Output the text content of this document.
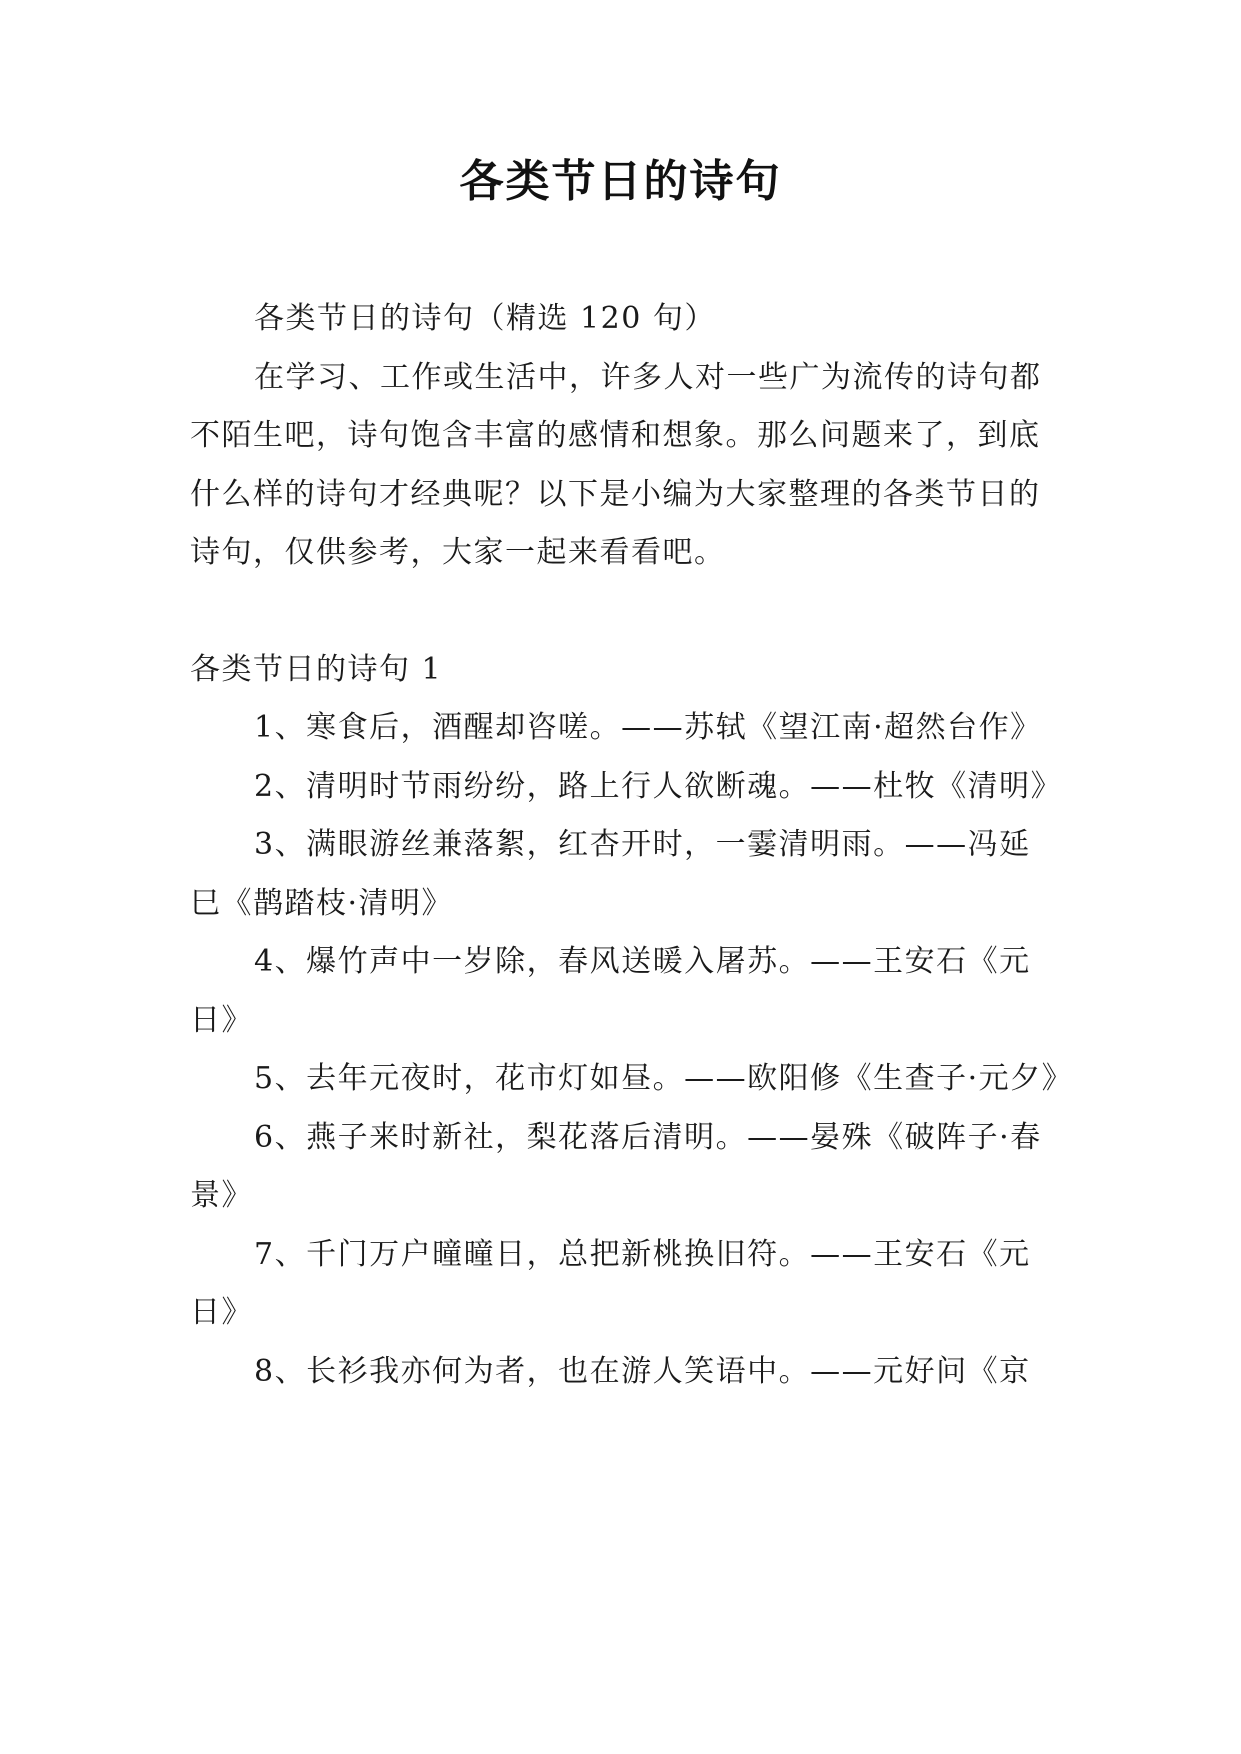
各类节日的诗句

各类节日的诗句（精选 120 句）

在学习、工作或生活中，许多人对一些广为流传的诗句都不陌生吧，诗句饱含丰富的感情和想象。那么问题来了，到底什么样的诗句才经典呢？以下是小编为大家整理的各类节日的诗句，仅供参考，大家一起来看看吧。

各类节日的诗句 1

1、寒食后，酒醒却咨嗟。——苏轼《望江南·超然台作》

2、清明时节雨纷纷，路上行人欲断魂。——杜牧《清明》

3、满眼游丝兼落絮，红杏开时，一霎清明雨。——冯延巳《鹊踏枝·清明》

4、爆竹声中一岁除，春风送暖入屠苏。——王安石《元日》

5、去年元夜时，花市灯如昼。——欧阳修《生查子·元夕》

6、燕子来时新社，梨花落后清明。——晏殊《破阵子·春景》

7、千门万户曈曈日，总把新桃换旧符。——王安石《元日》

8、长衫我亦何为者，也在游人笑语中。——元好问《京
